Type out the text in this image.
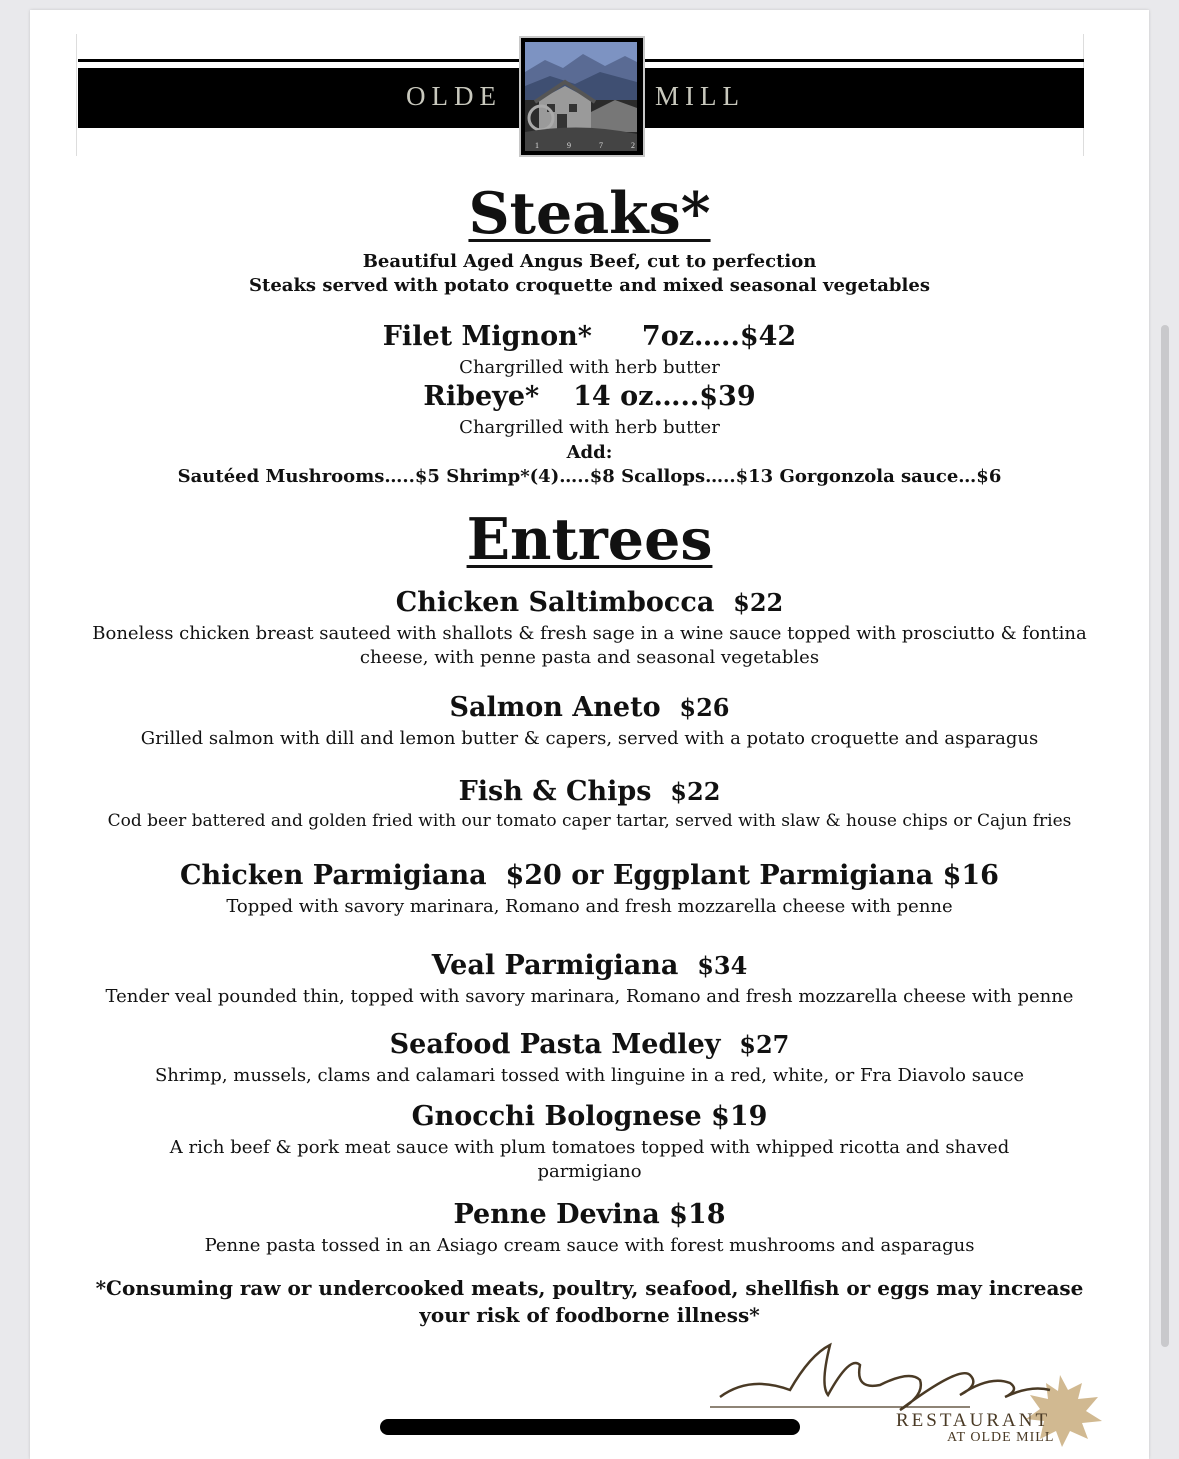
OLDE	MILL
1	9	7	2
Steaks*
Beautiful Aged Angus Beef, cut to perfection
Steaks served with potato croquette and mixed seasonal vegetables
Filet Mignon* 7oz…..$42
Chargrilled with herb butter
Ribeye* 14 oz…..$39
Chargrilled with herb butter
Add:
Sautéed Mushrooms…..$5 Shrimp*(4)…..$8 Scallops…..$13 Gorgonzola sauce…$6
Entrees
Chicken Saltimbocca $22
Boneless chicken breast sauteed with shallots & fresh sage in a wine sauce topped with prosciutto & fontina
cheese, with penne pasta and seasonal vegetables
Salmon Aneto $26
Grilled salmon with dill and lemon butter & capers, served with a potato croquette and asparagus
Fish & Chips $22
Cod beer battered and golden fried with our tomato caper tartar, served with slaw & house chips or Cajun fries
Chicken Parmigiana $20 or Eggplant Parmigiana $16
Topped with savory marinara, Romano and fresh mozzarella cheese with penne
Veal Parmigiana $34
Tender veal pounded thin, topped with savory marinara, Romano and fresh mozzarella cheese with penne
Seafood Pasta Medley $27
Shrimp, mussels, clams and calamari tossed with linguine in a red, white, or Fra Diavolo sauce
Gnocchi Bolognese $19
A rich beef & pork meat sauce with plum tomatoes topped with whipped ricotta and shaved
parmigiano
Penne Devina $18
Penne pasta tossed in an Asiago cream sauce with forest mushrooms and asparagus
*Consuming raw or undercooked meats, poultry, seafood, shellfish or eggs may increase
your risk of foodborne illness*
RESTAURANT
AT OLDE MILL
